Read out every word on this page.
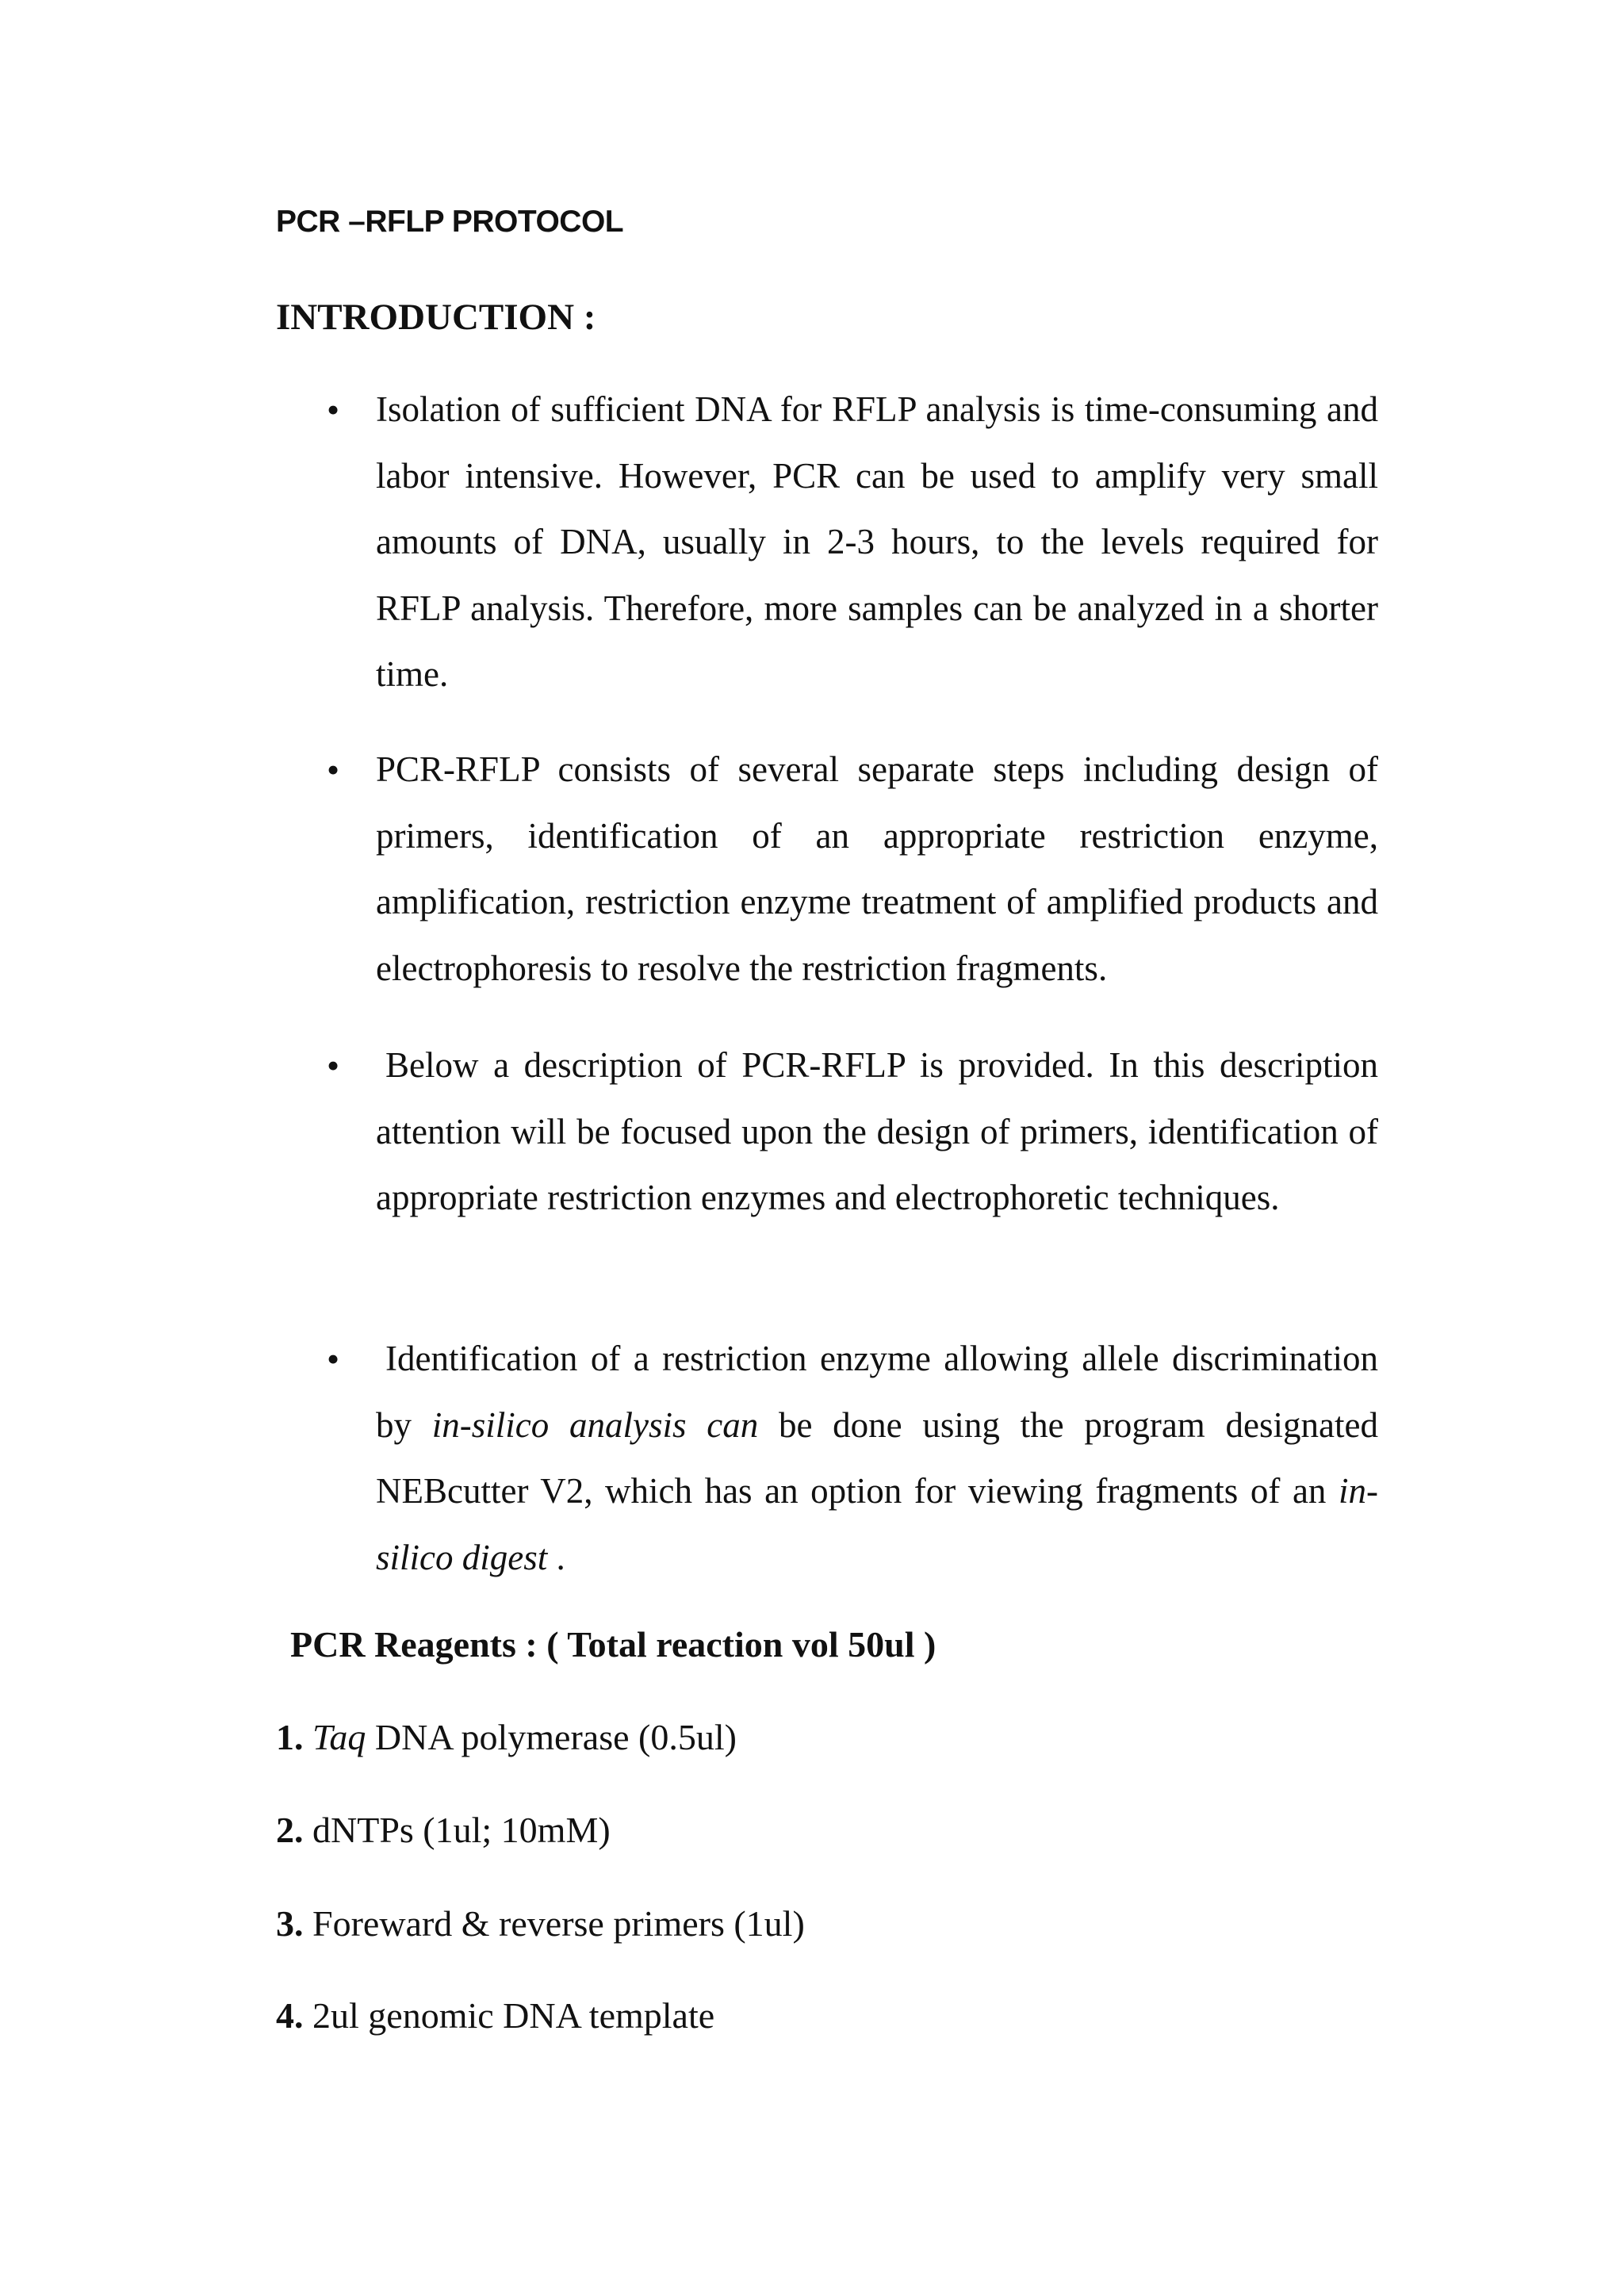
PCR –RFLP PROTOCOL
INTRODUCTION :
• Isolation of sufficient DNA for RFLP analysis is time-consuming and labor intensive. However, PCR can be used to amplify very small amounts of DNA, usually in 2-3 hours, to the levels required for RFLP analysis. Therefore, more samples can be analyzed in a shorter time.
• PCR-RFLP consists of several separate steps including design of primers, identification of an appropriate restriction enzyme, amplification, restriction enzyme treatment of amplified products and electrophoresis to resolve the restriction fragments.
• Below a description of PCR-RFLP is provided. In this description attention will be focused upon the design of primers, identification of appropriate restriction enzymes and electrophoretic techniques.
• Identification of a restriction enzyme allowing allele discrimination by in-silico analysis can be done using the program designated NEBcutter V2, which has an option for viewing fragments of an in-silico digest .
PCR Reagents : ( Total reaction vol 50ul )
1. Taq DNA polymerase (0.5ul)
2. dNTPs (1ul; 10mM)
3. Foreward & reverse primers (1ul)
4. 2ul genomic DNA template
